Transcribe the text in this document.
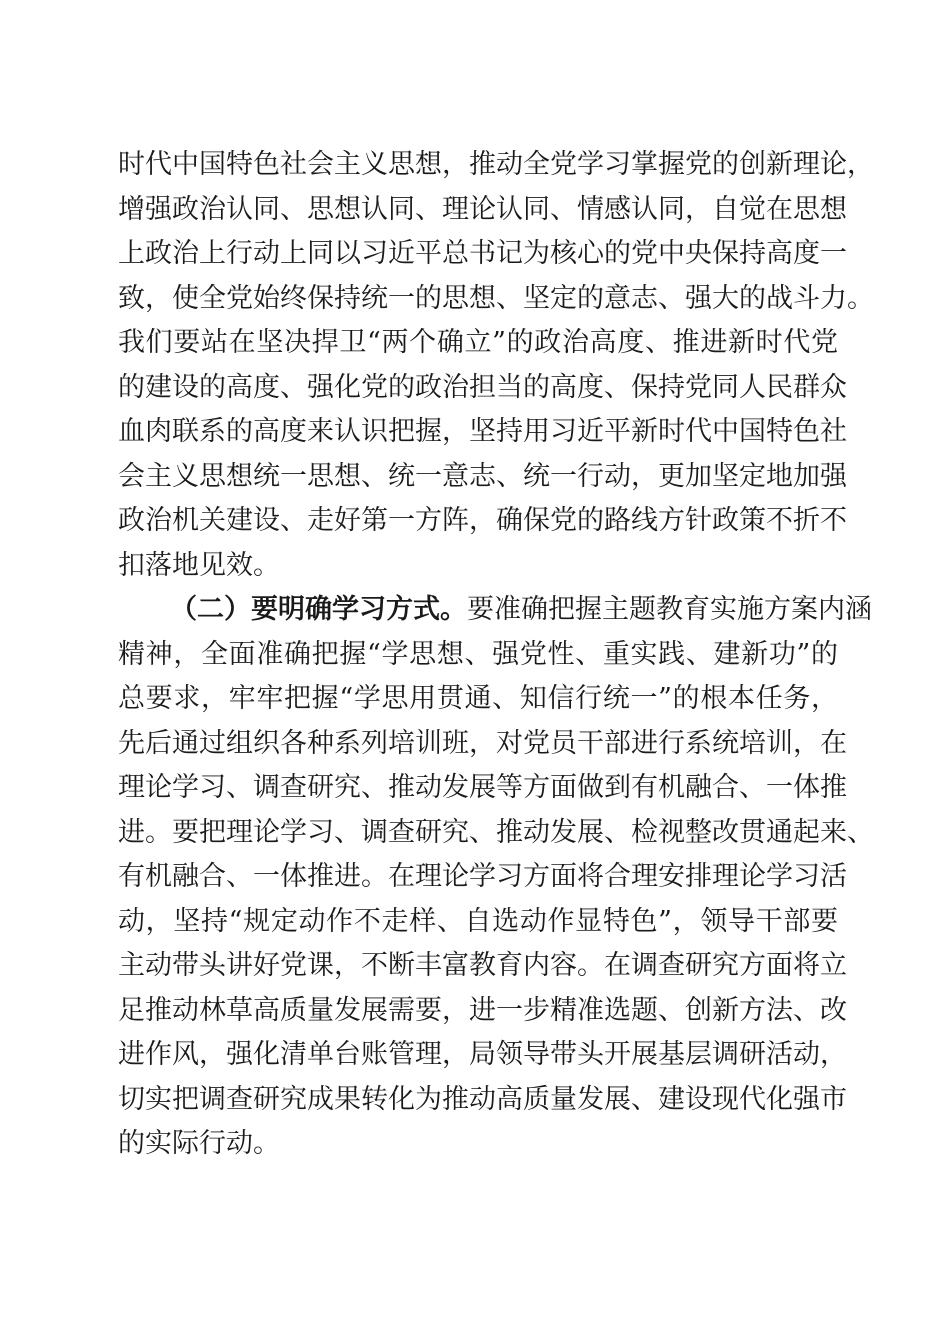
时代中国特色社会主义思想，推动全党学习掌握党的创新理论，
增强政治认同、思想认同、理论认同、情感认同，自觉在思想
上政治上行动上同以习近平总书记为核心的党中央保持高度一
致，使全党始终保持统一的思想、坚定的意志、强大的战斗力。
我们要站在坚决捍卫“两个确立”的政治高度、推进新时代党
的建设的高度、强化党的政治担当的高度、保持党同人民群众
血肉联系的高度来认识把握，坚持用习近平新时代中国特色社
会主义思想统一思想、统一意志、统一行动，更加坚定地加强
政治机关建设、走好第一方阵，确保党的路线方针政策不折不
扣落地见效。
（二）要明确学习方式。要准确把握主题教育实施方案内涵
精神，全面准确把握“学思想、强党性、重实践、建新功”的
总要求，牢牢把握“学思用贯通、知信行统一”的根本任务，
先后通过组织各种系列培训班，对党员干部进行系统培训，在
理论学习、调查研究、推动发展等方面做到有机融合、一体推
进。要把理论学习、调查研究、推动发展、检视整改贯通起来、
有机融合、一体推进。在理论学习方面将合理安排理论学习活
动，坚持“规定动作不走样、自选动作显特色”，领导干部要
主动带头讲好党课，不断丰富教育内容。在调查研究方面将立
足推动林草高质量发展需要，进一步精准选题、创新方法、改
进作风，强化清单台账管理，局领导带头开展基层调研活动，
切实把调查研究成果转化为推动高质量发展、建设现代化强市
的实际行动。
